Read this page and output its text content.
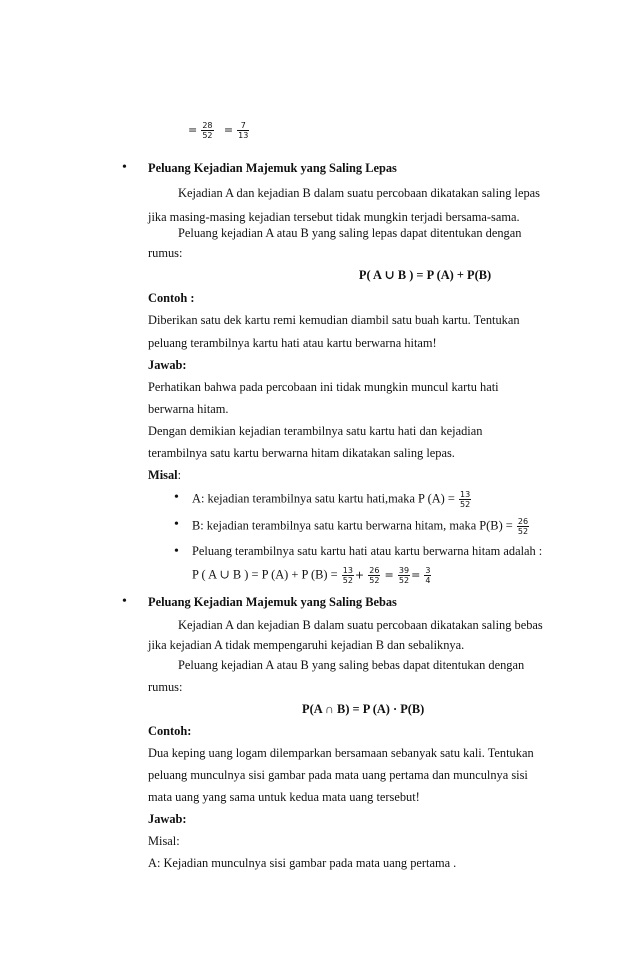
= $\frac{28}{52} = \frac{7}{13}$
• Peluang Kejadian Majemuk yang Saling Lepas
Kejadian A dan kejadian B dalam suatu percobaan dikatakan saling lepas
jika masing-masing kejadian tersebut tidak mungkin terjadi bersama-sama.
Peluang kejadian A atau B yang saling lepas dapat ditentukan dengan
rumus:
P( A ∪ B ) = P (A) + P(B)
Contoh :
Diberikan satu dek kartu remi kemudian diambil satu buah kartu. Tentukan
peluang terambilnya kartu hati atau kartu berwarna hitam!
Jawab:
Perhatikan bahwa pada percobaan ini tidak mungkin muncul kartu hati
berwarna hitam.
Dengan demikian kejadian terambilnya satu kartu hati dan kejadian
terambilnya satu kartu berwarna hitam dikatakan saling lepas.
Misal:
• A: kejadian terambilnya satu kartu hati,maka P $(A) = \frac{13}{52}$
• B: kejadian terambilnya satu kartu berwarna hitam, maka $P(B) = \frac{26}{52}$
• Peluang terambilnya satu kartu hati atau kartu berwarna hitam adalah :
P ( A ∪ B ) = P (A) + P $(B) = \frac{13}{52} + \frac{26}{52} = \frac{39}{52} = \frac{3}{4}$
• Peluang Kejadian Majemuk yang Saling Bebas
Kejadian A dan kejadian B dalam suatu percobaan dikatakan saling bebas
jika kejadian A tidak mempengaruhi kejadian B dan sebaliknya.
Peluang kejadian A atau B yang saling bebas dapat ditentukan dengan
rumus:
P(A ∩ B) = P (A) · P(B)
Contoh:
Dua keping uang logam dilemparkan bersamaan sebanyak satu kali. Tentukan
peluang munculnya sisi gambar pada mata uang pertama dan munculnya sisi
mata uang yang sama untuk kedua mata uang tersebut!
Jawab:
Misal:
A: Kejadian munculnya sisi gambar pada mata uang pertama .
